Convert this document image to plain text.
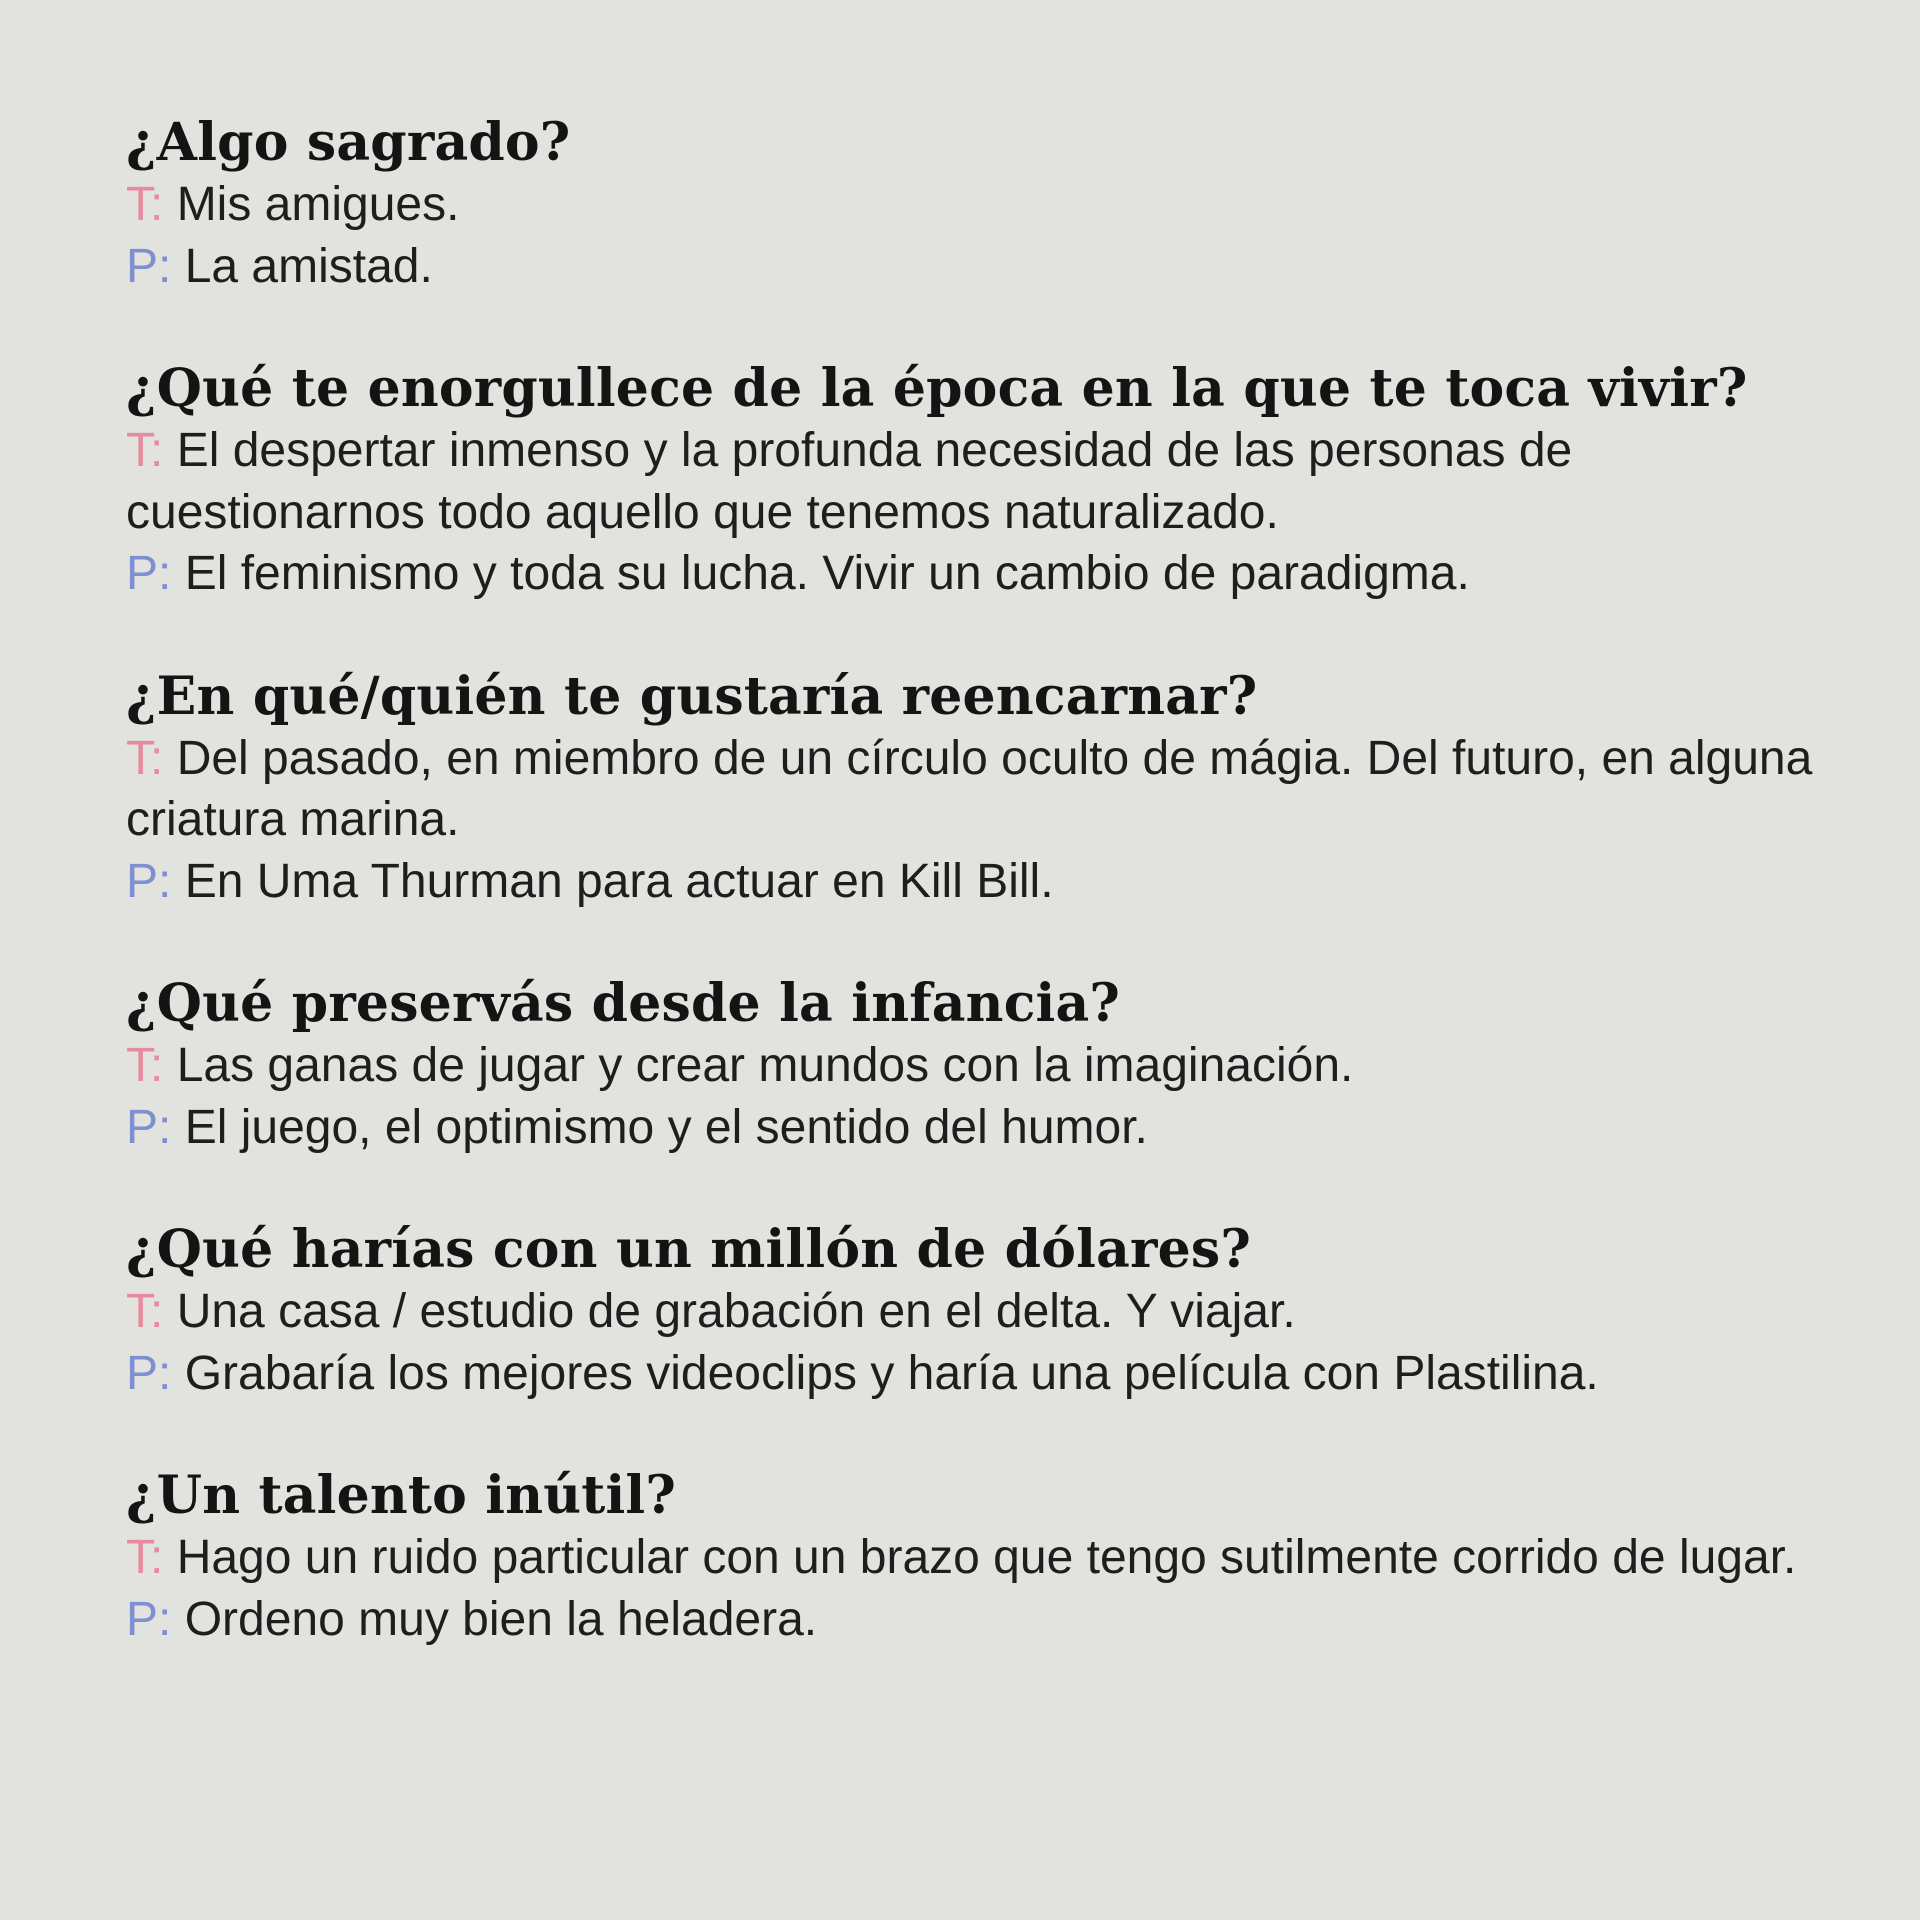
¿Algo sagrado?

T: Mis amigues.

P: La amistad.

¿Qué te enorgullece de la época en la que te toca vivir?

T: El despertar inmenso y la profunda necesidad de las personas de cuestionarnos todo aquello que tenemos naturalizado.

P: El feminismo y toda su lucha. Vivir un cambio de paradigma.

¿En qué/quién te gustaría reencarnar?

T: Del pasado, en miembro de un círculo oculto de mágia. Del futuro, en alguna criatura marina.

P: En Uma Thurman para actuar en Kill Bill.

¿Qué preservás desde la infancia?

T: Las ganas de jugar y crear mundos con la imaginación.

P: El juego, el optimismo y el sentido del humor.

¿Qué harías con un millón de dólares?

T: Una casa / estudio de grabación en el delta. Y viajar.

P: Grabaría los mejores videoclips y haría una película con Plastilina.

¿Un talento inútil?

T: Hago un ruido particular con un brazo que tengo sutilmente corrido de lugar.

P: Ordeno muy bien la heladera.
